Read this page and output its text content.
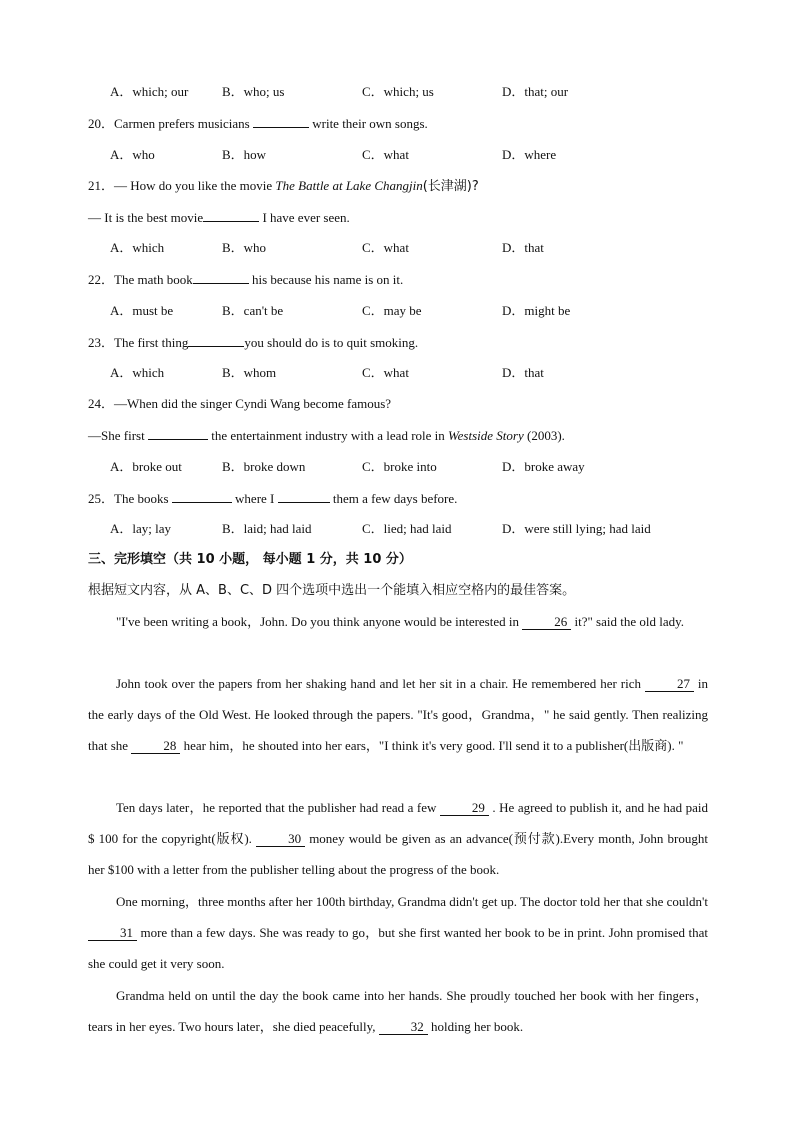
A．which; our	B．who; us	C．which; us	D．that; our
20．Carmen prefers musicians	write their own songs.
A．who	B．how	C．what	D．where
21．— How do you like the movie The Battle at Lake Changjin(长津湖)?
— It is the best movie	I have ever seen.
A．which	B．who	C．what	D．that
22．The math book	his because his name is on it.
A．must be	B．can't be	C．may be	D．might be
23．The first thing	you should do is to quit smoking.
A．which	B．whom	C．what	D．that
24．—When did the singer Cyndi Wang become famous?
—She first	the entertainment industry with a lead role in Westside Story (2003).
A．broke out	B．broke down	C．broke into	D．broke away
25．The books	where I	them a few days before.
A．lay; lay	B．laid; had laid	C．lied; had laid	D．were still lying; had laid
三、完形填空（共 10 小题， 每小题 1 分，共 10 分）
根据短文内容，从 A、B、C、D 四个选项中选出一个能填入相应空格内的最佳答案。
"I've been writing a book，John. Do you think anyone would be interested in 26 it?" said the old lady.
John took over the papers from her shaking hand and let her sit in a chair. He remembered her rich 27 in the early days of the Old West. He looked through the papers. "It's good，Grandma，" he said gently. Then realizing that she 28 hear him，he shouted into her ears，"I think it's very good. I'll send it to a publisher(出版商). "
Ten days later，he reported that the publisher had read a few 29 . He agreed to publish it, and he had paid $ 100 for the copyright(版权). 30 money would be given as an advance(预付款).Every month, John brought her $100 with a letter from the publisher telling about the progress of the book.
One morning，three months after her 100th birthday, Grandma didn't get up. The doctor told her that she couldn't 31 more than a few days. She was ready to go，but she first wanted her book to be in print. John promised that she could get it very soon.
Grandma held on until the day the book came into her hands. She proudly touched her book with her fingers，tears in her eyes. Two hours later，she died peacefully, 32 holding her book.
